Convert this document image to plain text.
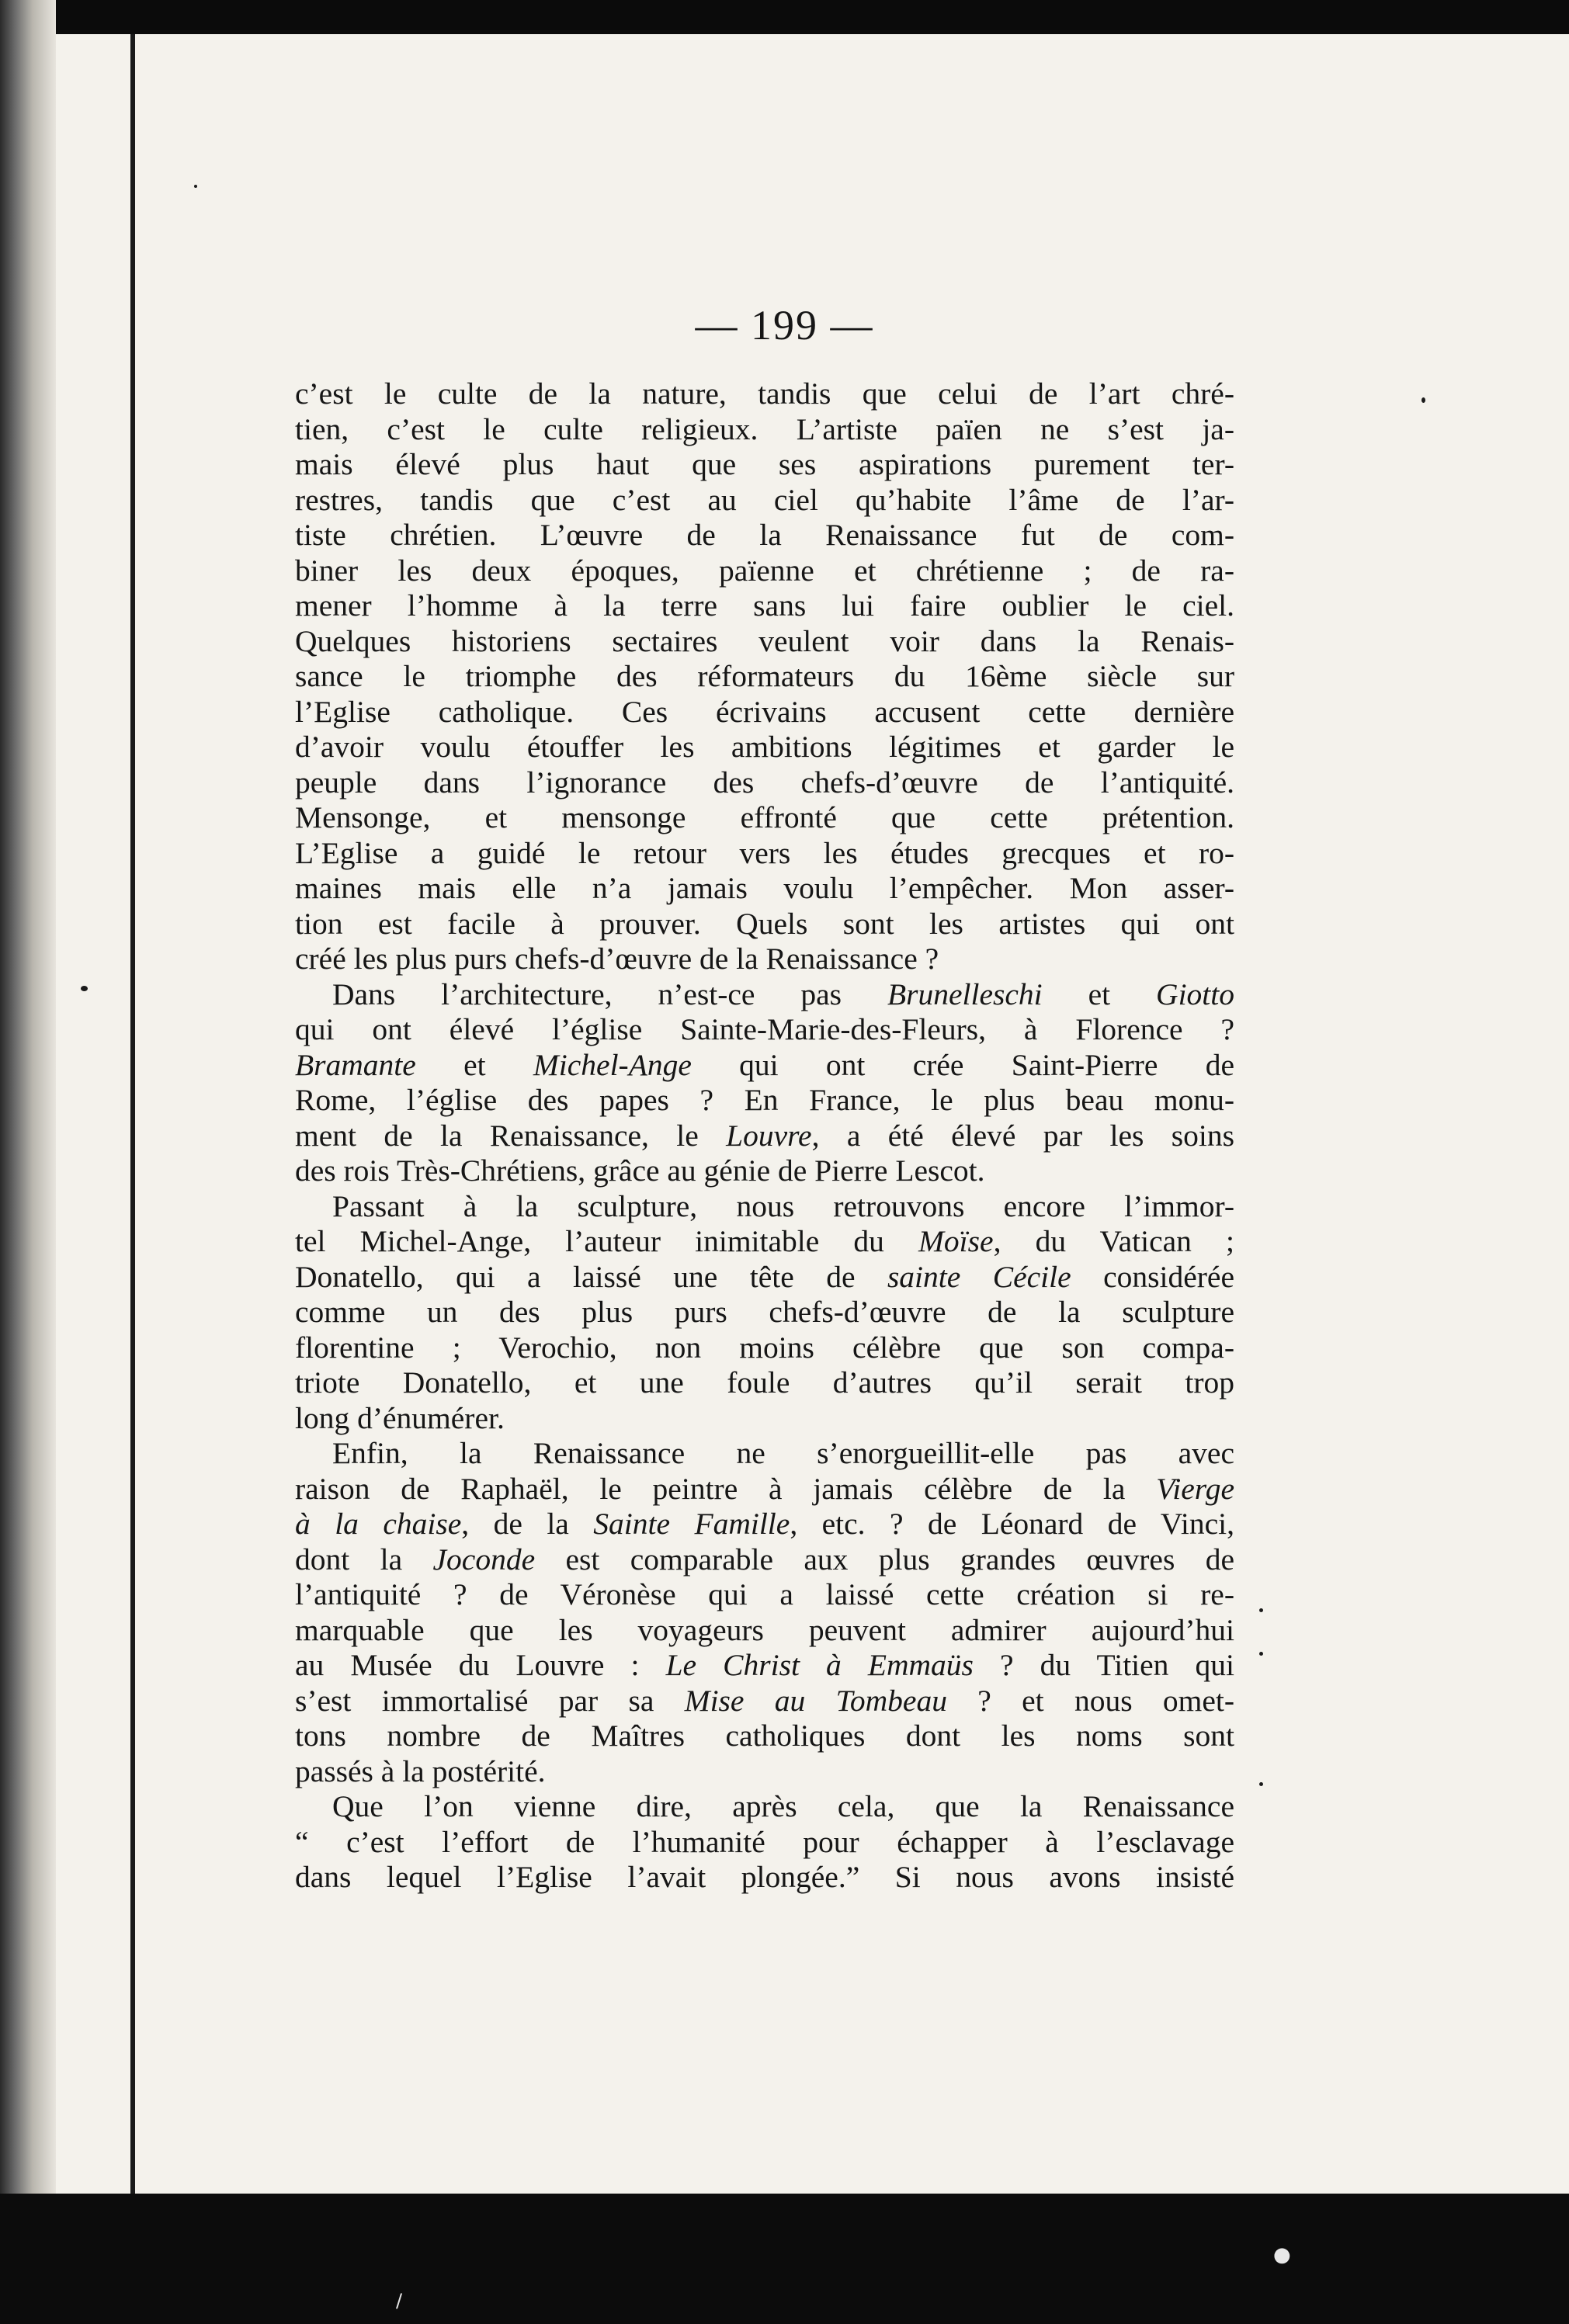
●
/
— 199 —
c’est le culte de la nature, tandis que celui de l’art chré-
tien, c’est le culte religieux. L’artiste païen ne s’est ja-
mais élevé plus haut que ses aspirations purement ter-
restres, tandis que c’est au ciel qu’habite l’âme de l’ar-
tiste chrétien. L’œuvre de la Renaissance fut de com-
biner les deux époques, païenne et chrétienne ; de ra-
mener l’homme à la terre sans lui faire oublier le ciel.
Quelques historiens sectaires veulent voir dans la Renais-
sance le triomphe des réformateurs du 16ème siècle sur
l’Eglise catholique. Ces écrivains accusent cette dernière
d’avoir voulu étouffer les ambitions légitimes et garder le
peuple dans l’ignorance des chefs-d’œuvre de l’antiquité.
Mensonge, et mensonge effronté que cette prétention.
L’Eglise a guidé le retour vers les études grecques et ro-
maines mais elle n’a jamais voulu l’empêcher. Mon asser-
tion est facile à prouver. Quels sont les artistes qui ont
créé les plus purs chefs-d’œuvre de la Renaissance ?
Dans l’architecture, n’est-ce pas Brunelleschi et Giotto
qui ont élevé l’église Sainte-Marie-des-Fleurs, à Florence ?
Bramante et Michel-Ange qui ont crée Saint-Pierre de
Rome, l’église des papes ? En France, le plus beau monu-
ment de la Renaissance, le Louvre, a été élevé par les soins
des rois Très-Chrétiens, grâce au génie de Pierre Lescot.
Passant à la sculpture, nous retrouvons encore l’immor-
tel Michel-Ange, l’auteur inimitable du Moïse, du Vatican ;
Donatello, qui a laissé une tête de sainte Cécile considérée
comme un des plus purs chefs-d’œuvre de la sculpture
florentine ; Verochio, non moins célèbre que son compa-
triote Donatello, et une foule d’autres qu’il serait trop
long d’énumérer.
Enfin, la Renaissance ne s’enorgueillit-elle pas avec
raison de Raphaël, le peintre à jamais célèbre de la Vierge
à la chaise, de la Sainte Famille, etc. ? de Léonard de Vinci,
dont la Joconde est comparable aux plus grandes œuvres de
l’antiquité ? de Véronèse qui a laissé cette création si re-
marquable que les voyageurs peuvent admirer aujourd’hui
au Musée du Louvre : Le Christ à Emmaüs ? du Titien qui
s’est immortalisé par sa Mise au Tombeau ? et nous omet-
tons nombre de Maîtres catholiques dont les noms sont
passés à la postérité.
Que l’on vienne dire, après cela, que la Renaissance
“ c’est l’effort de l’humanité pour échapper à l’esclavage
dans lequel l’Eglise l’avait plongée.” Si nous avons insisté
